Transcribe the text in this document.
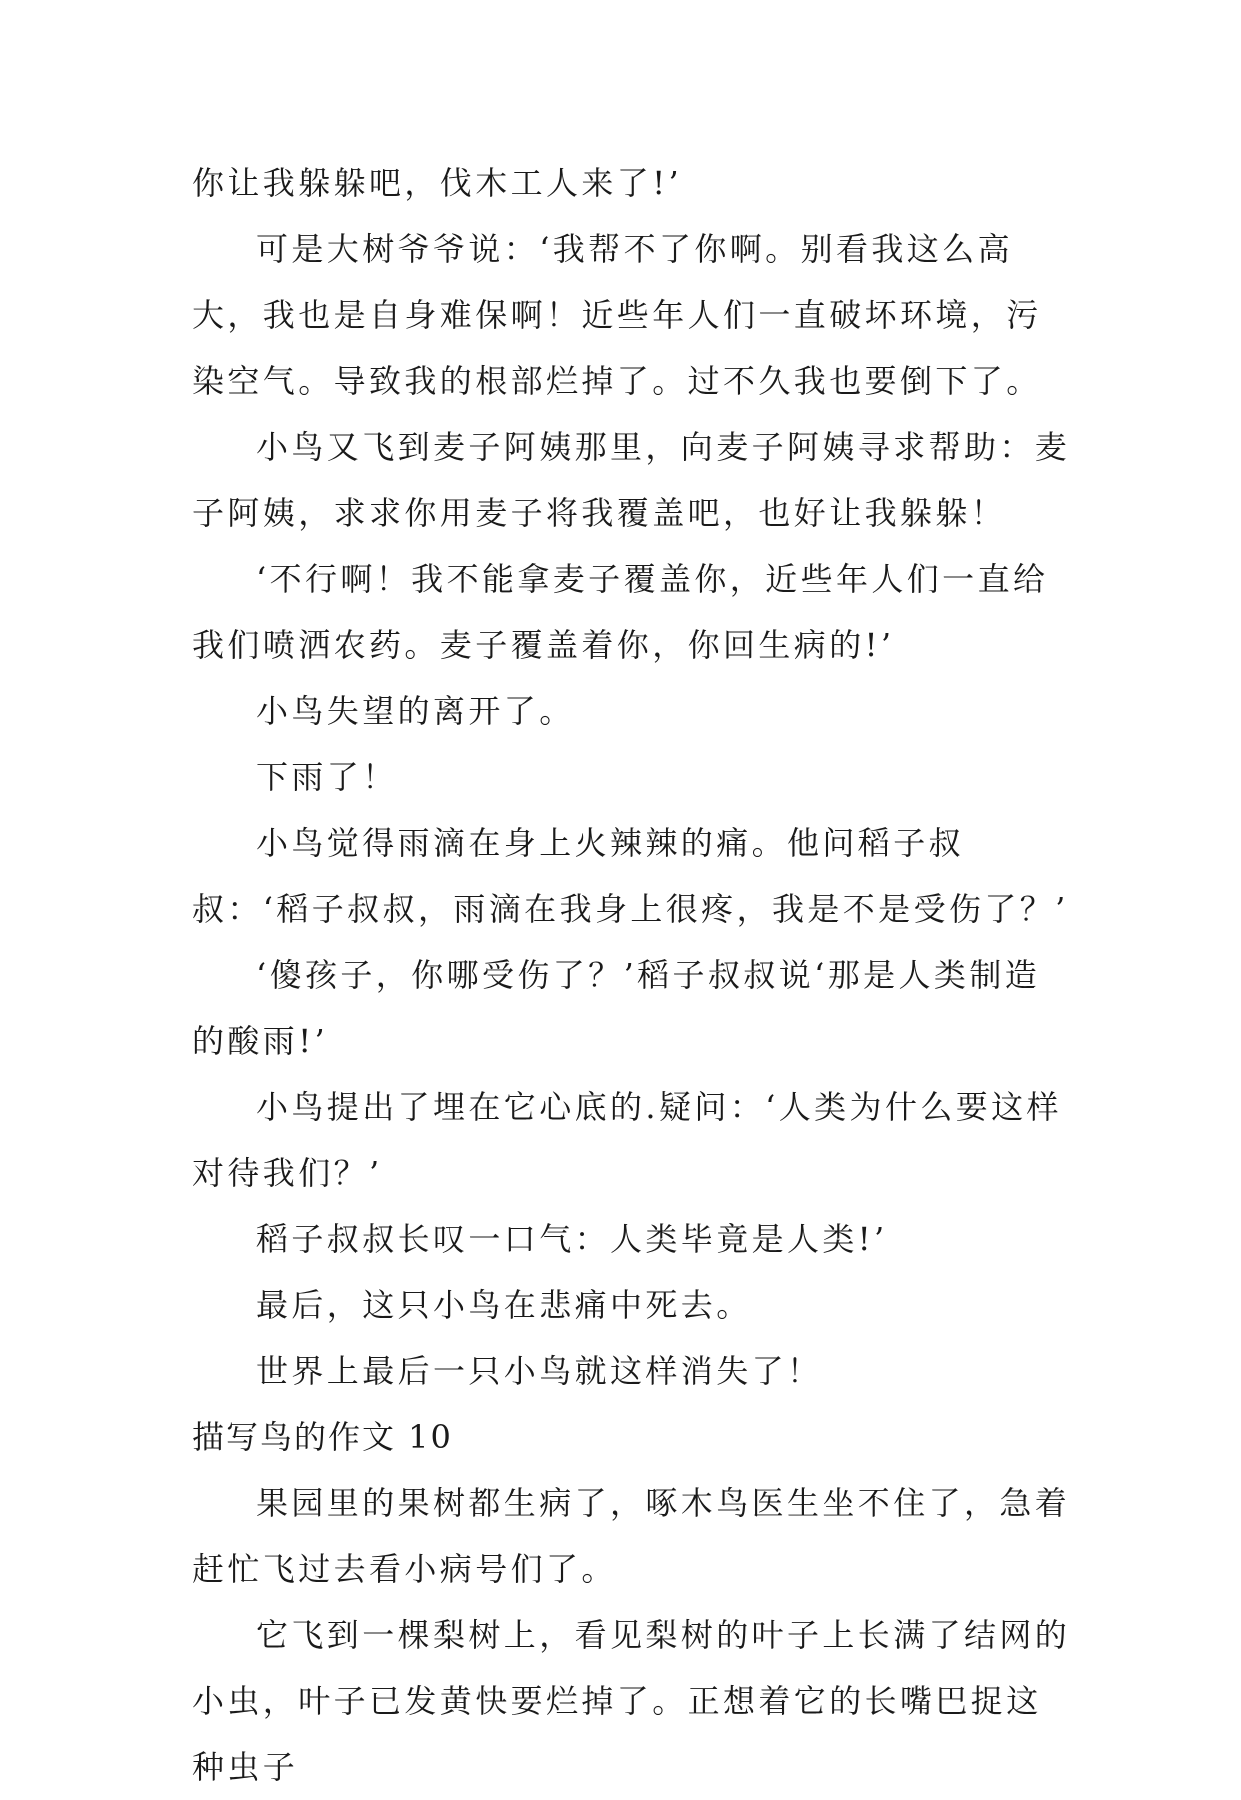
你让我躲躲吧，伐木工人来了!’

可是大树爷爷说：‘我帮不了你啊。别看我这么高大，我也是自身难保啊！近些年人们一直破坏环境，污染空气。导致我的根部烂掉了。过不久我也要倒下了。

小鸟又飞到麦子阿姨那里，向麦子阿姨寻求帮助：麦子阿姨，求求你用麦子将我覆盖吧，也好让我躲躲！

‘不行啊！我不能拿麦子覆盖你，近些年人们一直给我们喷洒农药。麦子覆盖着你，你回生病的!’

小鸟失望的离开了。

下雨了！

小鸟觉得雨滴在身上火辣辣的痛。他问稻子叔叔：‘稻子叔叔，雨滴在我身上很疼，我是不是受伤了？’

‘傻孩子，你哪受伤了？’稻子叔叔说‘那是人类制造的酸雨!’

小鸟提出了埋在它心底的.疑问：‘人类为什么要这样对待我们？’

稻子叔叔长叹一口气：人类毕竟是人类!’

最后，这只小鸟在悲痛中死去。

世界上最后一只小鸟就这样消失了！

描写鸟的作文 10

果园里的果树都生病了，啄木鸟医生坐不住了，急着赶忙飞过去看小病号们了。

它飞到一棵梨树上，看见梨树的叶子上长满了结网的小虫，叶子已发黄快要烂掉了。正想着它的长嘴巴捉这种虫子
